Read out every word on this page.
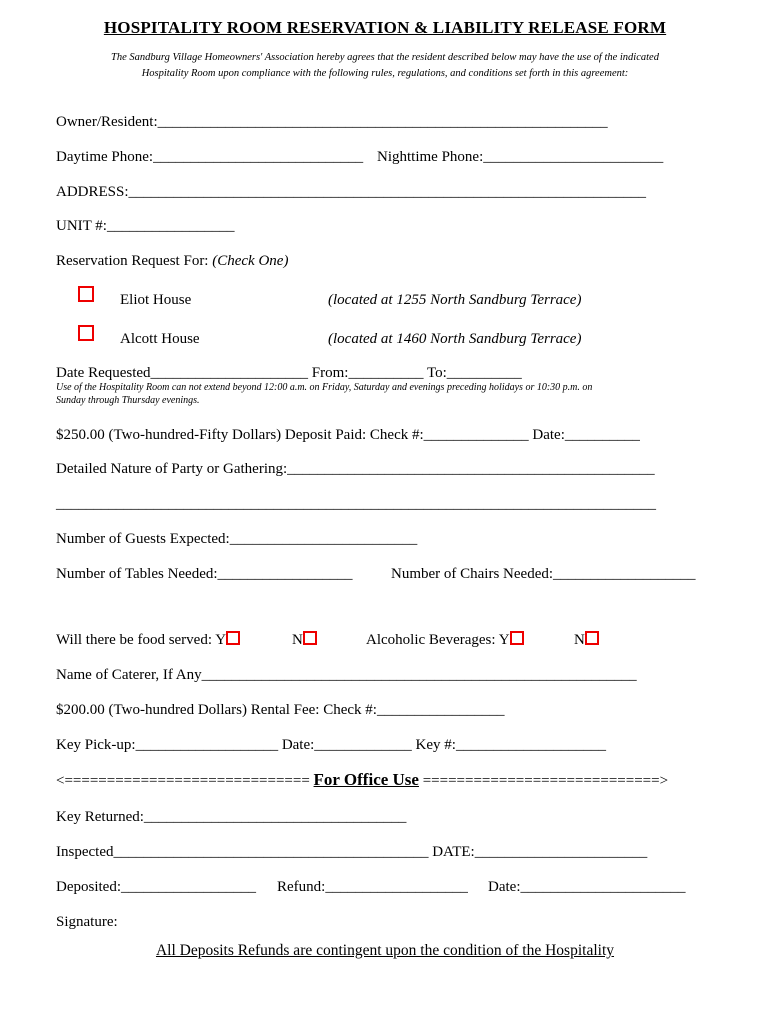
HOSPITALITY ROOM RESERVATION & LIABILITY RELEASE FORM
The Sandburg Village Homeowners' Association hereby agrees that the resident described below may have the use of the indicated
Hospitality Room upon compliance with the following rules, regulations, and conditions set forth in this agreement:
Owner/Resident:____________________________________________________________
Daytime Phone:____________________________ Nighttime Phone:________________________
ADDRESS:_____________________________________________________________________
UNIT #:_________________
Reservation Request For: (Check One)
Eliot House	(located at 1255 North Sandburg Terrace)
Alcott House	(located at 1460 North Sandburg Terrace)
Date Requested_____________________ From:__________ To:__________
Use of the Hospitality Room can not extend beyond 12:00 a.m. on Friday, Saturday and evenings preceding holidays or 10:30 p.m. on
Sunday through Thursday evenings.
$250.00 (Two-hundred-Fifty Dollars) Deposit Paid: Check #:______________ Date:__________
Detailed Nature of Party or Gathering:_________________________________________________
________________________________________________________________________________
Number of Guests Expected:_________________________
Number of Tables Needed:__________________	Number of Chairs Needed:___________________
Will there be food served: Y	N	Alcoholic Beverages: Y	N
Name of Caterer, If Any__________________________________________________________
$200.00 (Two-hundred Dollars) Rental Fee: Check #:_________________
Key Pick-up:___________________ Date:_____________ Key #:____________________
<============================= For Office Use ============================>
Key Returned:___________________________________
Inspected__________________________________________ DATE:_______________________
Deposited:__________________ Refund:___________________ Date:______________________
Signature:
All Deposits Refunds are contingent upon the condition of the Hospitality
